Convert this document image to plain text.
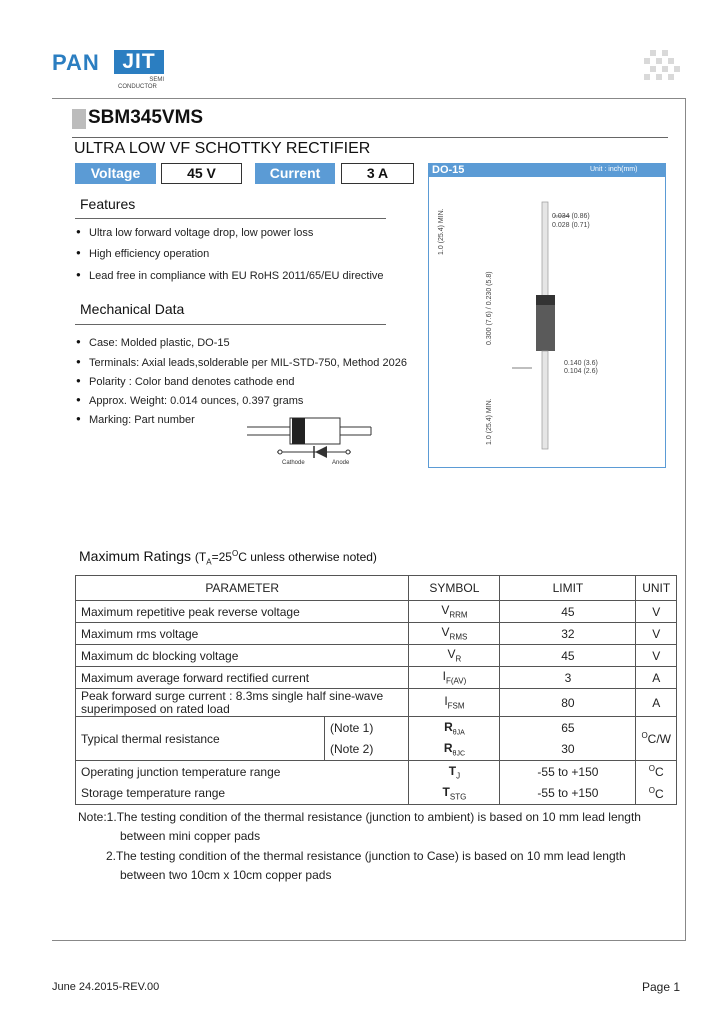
PAN	JIT
SEMI
CONDUCTOR
SBM345VMS
ULTRA LOW VF SCHOTTKY RECTIFIER
Voltage	45 V	Current	3 A
Features
● Ultra low forward voltage drop, low power loss
● High efficiency operation
● Lead free in compliance with EU RoHS 2011/65/EU directive
Mechanical Data
● Case: Molded plastic, DO-15
● Terminals: Axial leads,solderable per MIL-STD-750, Method 2026
● Polarity : Color band denotes cathode end
● Approx. Weight: 0.014 ounces, 0.397 grams
● Marking: Part number
Cathode	Anode
DO-15	Unit : inch(mm)
0.034 (0.86)
0.028 (0.71)
1.0 (25.4) MIN.
0.300 (7.6) / 0.230 (5.8)
0.140 (3.6)
0.104 (2.6)
1.0 (25.4) MIN.
Maximum Ratings ($T_A=25^OC$ unless otherwise noted)
PARAMETER		SYMBOL	LIMIT	UNIT
Maximum repetitive peak reverse voltage		$V_{RRM}$	45	V
Maximum rms voltage		$V_{RMS}$	32	V
Maximum dc blocking voltage		$V_R$	45	V
Maximum average forward rectified current		$I_{F(AV)}$	3	A
Peak forward surge current : 8.3ms single half sine-wave superimposed on rated load		$I_{FSM}$	80	A
Typical thermal resistance	(Note 1)	$R_{\theta JA}$	65	$^O$C/W
	(Note 2)	$R_{\theta JC}$	30	
Operating junction temperature range		$T_J$	-55 to +150	$^O$C
Storage temperature range		$T_{STG}$	-55 to +150	$^O$C
Note:1.The testing condition of the thermal resistance (junction to ambient) is based on 10 mm lead length
between mini copper pads
2.The testing condition of the thermal resistance (junction to Case) is based on 10 mm lead length
between two 10cm x 10cm copper pads
June 24.2015-REV.00	Page 1
